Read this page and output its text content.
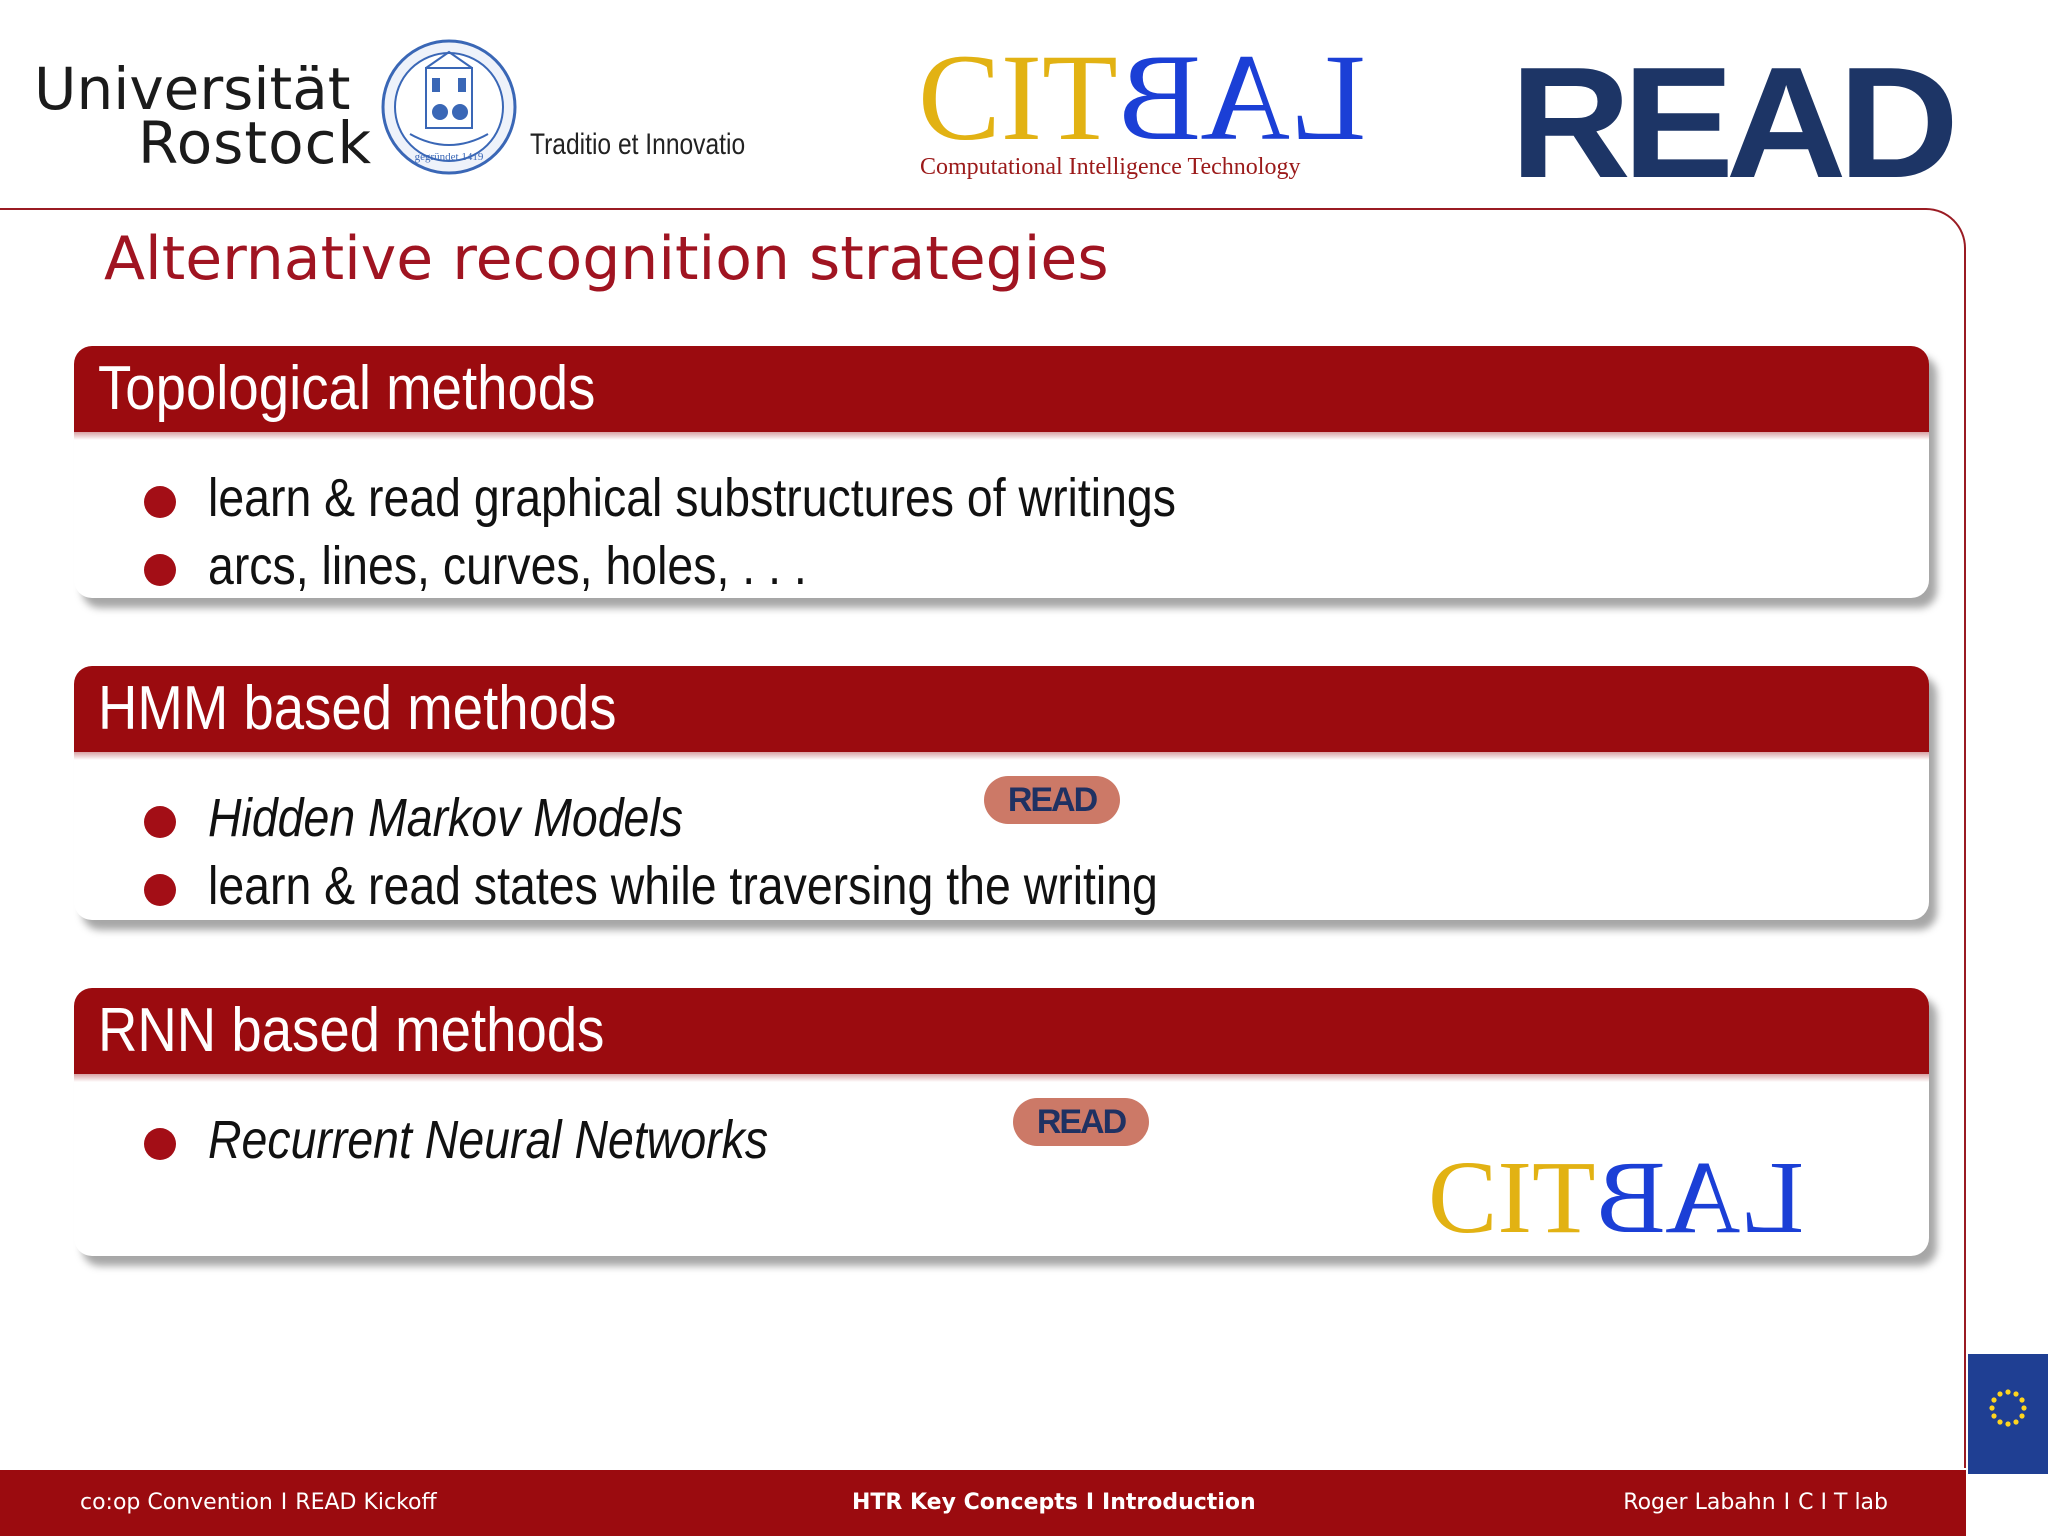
Universität
Rostock	gegründet 1419 Traditio et Innovatio CITLAB
Computational Intelligence Technology READ
Alternative recognition strategies
Topological methods
learn & read graphical substructures of writings
arcs, lines, curves, holes, . . .
HMM based methods
Hidden Markov Models
learn & read states while traversing the writing
READ
RNN based methods
Recurrent Neural Networks	READ
CITLAB
co:op Convention I READ Kickoff	HTR Key Concepts I Introduction	Roger Labahn I C I T lab
